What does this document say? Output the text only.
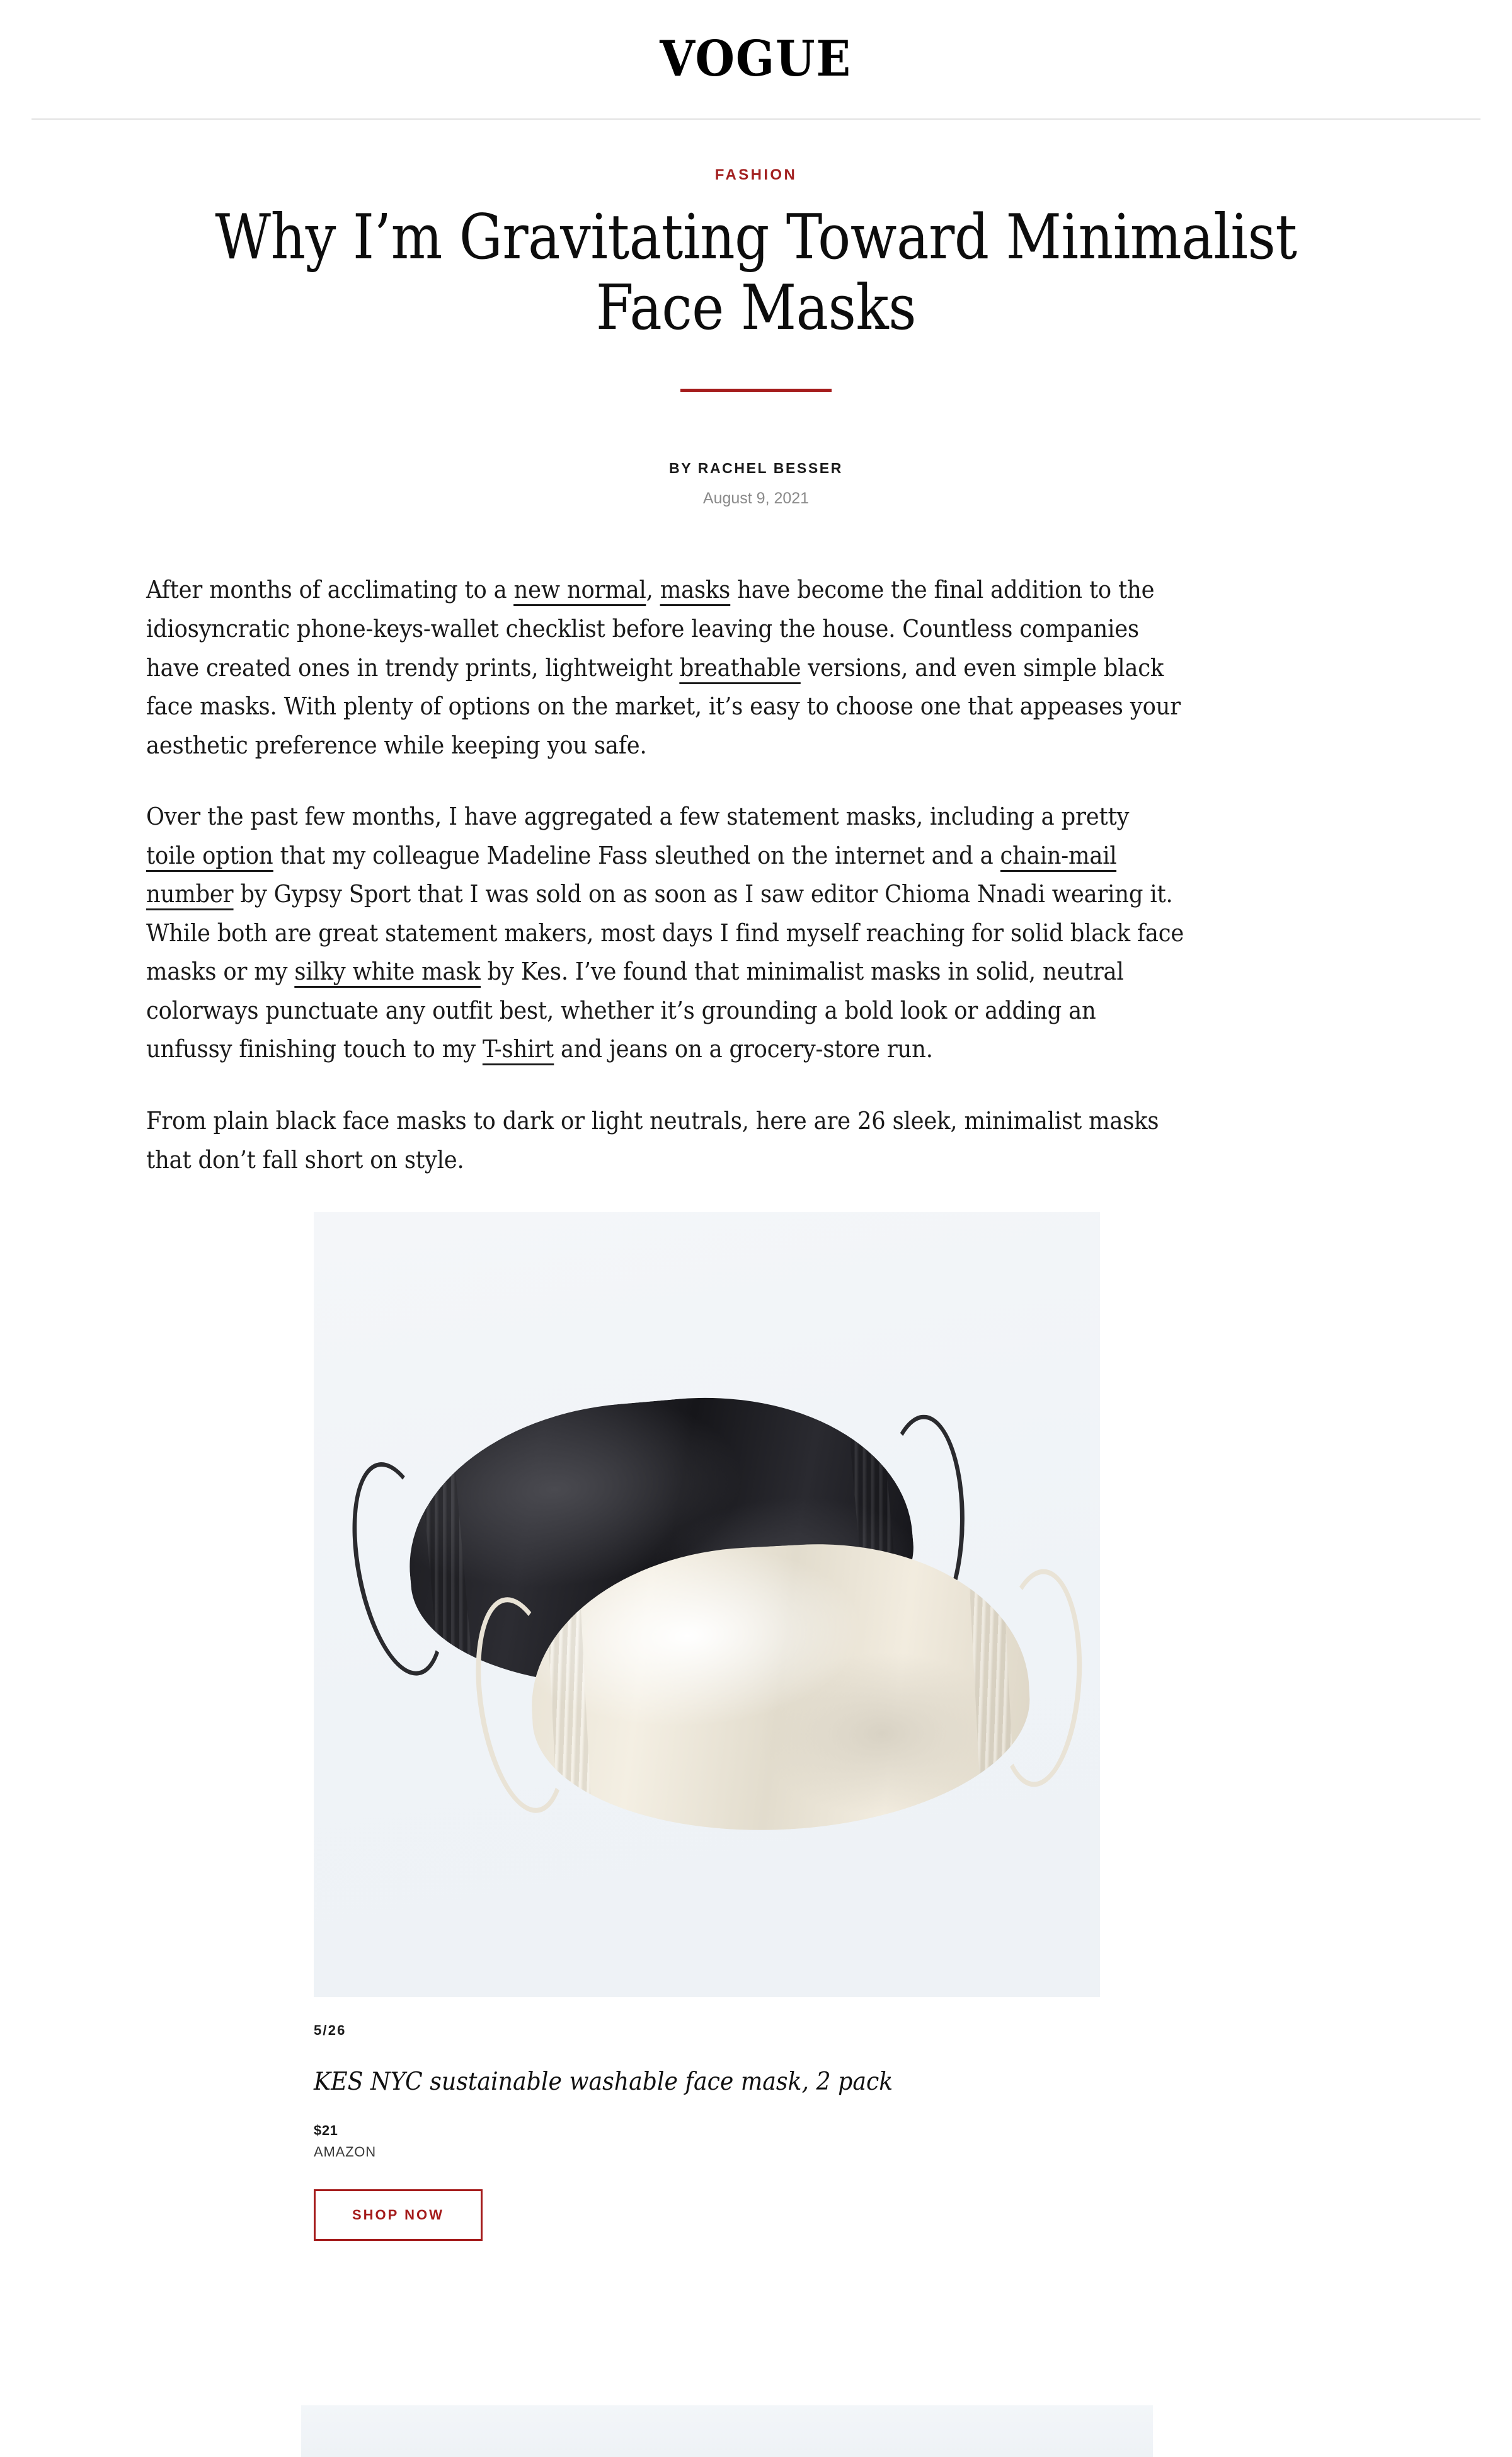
VOGUE
FASHION
Why I’m Gravitating Toward Minimalist Face Masks
BY RACHEL BESSER
August 9, 2021

After months of acclimating to a new normal, masks have become the final addition to the idiosyncratic phone-keys-wallet checklist before leaving the house. Countless companies have created ones in trendy prints, lightweight breathable versions, and even simple black face masks. With plenty of options on the market, it’s easy to choose one that appeases your aesthetic preference while keeping you safe.

Over the past few months, I have aggregated a few statement masks, including a pretty toile option that my colleague Madeline Fass sleuthed on the internet and a chain-mail number by Gypsy Sport that I was sold on as soon as I saw editor Chioma Nnadi wearing it. While both are great statement makers, most days I find myself reaching for solid black face masks or my silky white mask by Kes. I’ve found that minimalist masks in solid, neutral colorways punctuate any outfit best, whether it’s grounding a bold look or adding an unfussy finishing touch to my T-shirt and jeans on a grocery-store run.

From plain black face masks to dark or light neutrals, here are 26 sleek, minimalist masks that don’t fall short on style.

5/26
KES NYC sustainable washable face mask, 2 pack
$21
AMAZON
SHOP NOW
